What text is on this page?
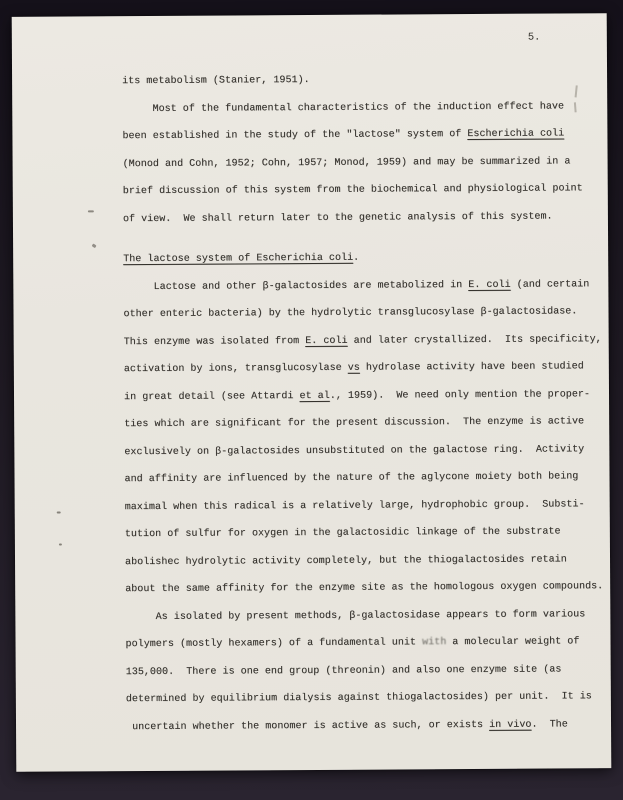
5.
its metabolism (Stanier, 1951).
Most of the fundamental characteristics of the induction effect have
been established in the study of the "lactose" system of Escherichia coli
(Monod and Cohn, 1952; Cohn, 1957; Monod, 1959) and may be summarized in a
brief discussion of this system from the biochemical and physiological point
of view.  We shall return later to the genetic analysis of this system.
The lactose system of Escherichia coli.
Lactose and other β-galactosides are metabolized in E. coli (and certain
other enteric bacteria) by the hydrolytic transglucosylase β-galactosidase.
This enzyme was isolated from E. coli and later crystallized.  Its specificity,
activation by ions, transglucosylase vs hydrolase activity have been studied
in great detail (see Attardi et al., 1959).  We need only mention the proper-
ties which are significant for the present discussion.  The enzyme is active
exclusively on β-galactosides unsubstituted on the galactose ring.  Activity
and affinity are influenced by the nature of the aglycone moiety both being
maximal when this radical is a relatively large, hydrophobic group.  Substi-
tution of sulfur for oxygen in the galactosidic linkage of the substrate
abolishec hydrolytic activity completely, but the thiogalactosides retain
about the same affinity for the enzyme site as the homologous oxygen compounds.
As isolated by present methods, β-galactosidase appears to form various
polymers (mostly hexamers) of a fundamental unit with a molecular weight of
135,000.  There is one end group (threonin) and also one enzyme site (as
determined by equilibrium dialysis against thiogalactosides) per unit.  It is
uncertain whether the monomer is active as such, or exists in vivo.  The
